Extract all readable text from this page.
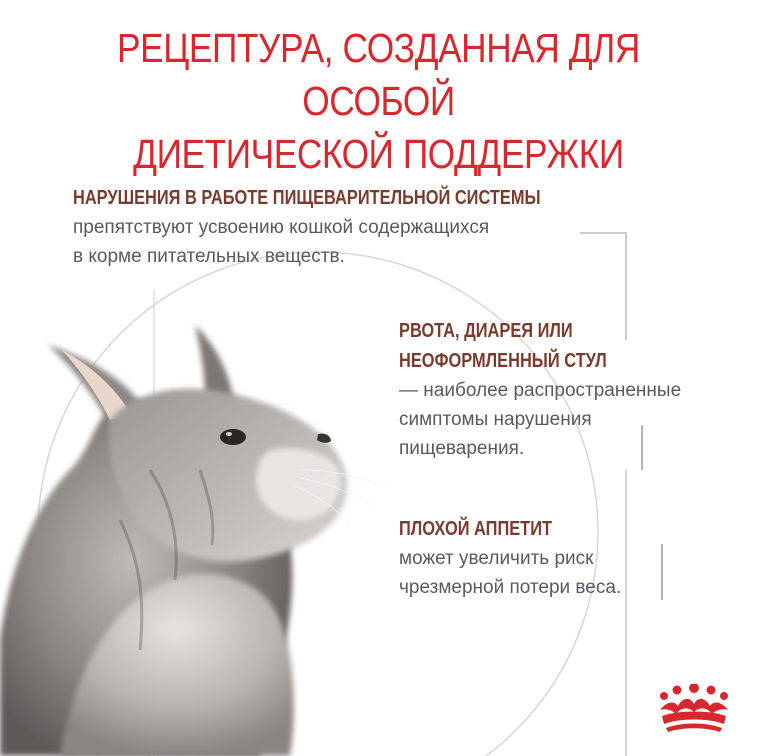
РЕЦЕПТУРА, СОЗДАННАЯ ДЛЯ ОСОБОЙ
ДИЕТИЧЕСКОЙ ПОДДЕРЖКИ
НАРУШЕНИЯ В РАБОТЕ ПИЩЕВАРИТЕЛЬНОЙ СИСТЕМЫ
препятствуют усвоению кошкой содержащихся
в корме питательных веществ.
РВОТА, ДИАРЕЯ ИЛИ
НЕОФОРМЛЕННЫЙ СТУЛ
— наиболее распространенные
симптомы нарушения
пищеварения.
ПЛОХОЙ АППЕТИТ
может увеличить риск
чрезмерной потери веса.
